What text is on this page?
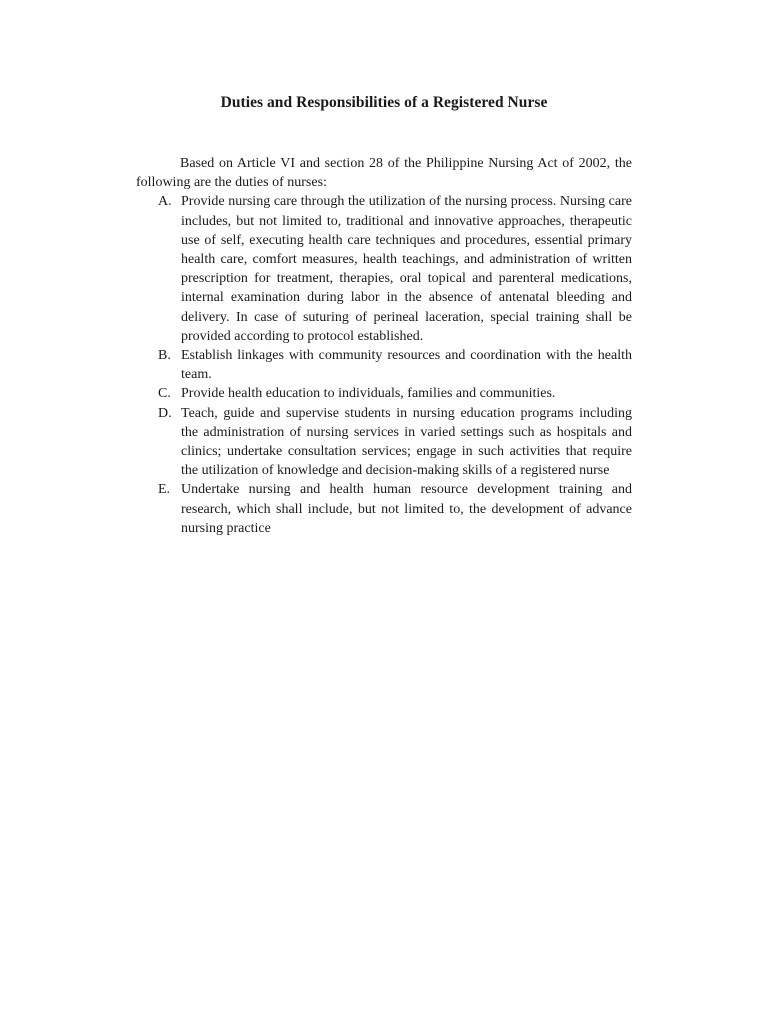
Duties and Responsibilities of a Registered Nurse

Based on Article VI and section 28 of the Philippine Nursing Act of 2002, the following are the duties of nurses:

A. Provide nursing care through the utilization of the nursing process. Nursing care includes, but not limited to, traditional and innovative approaches, therapeutic use of self, executing health care techniques and procedures, essential primary health care, comfort measures, health teachings, and administration of written prescription for treatment, therapies, oral topical and parenteral medications, internal examination during labor in the absence of antenatal bleeding and delivery. In case of suturing of perineal laceration, special training shall be provided according to protocol established.
B. Establish linkages with community resources and coordination with the health team.
C. Provide health education to individuals, families and communities.
D. Teach, guide and supervise students in nursing education programs including the administration of nursing services in varied settings such as hospitals and clinics; undertake consultation services; engage in such activities that require the utilization of knowledge and decision-making skills of a registered nurse
E. Undertake nursing and health human resource development training and research, which shall include, but not limited to, the development of advance nursing practice
